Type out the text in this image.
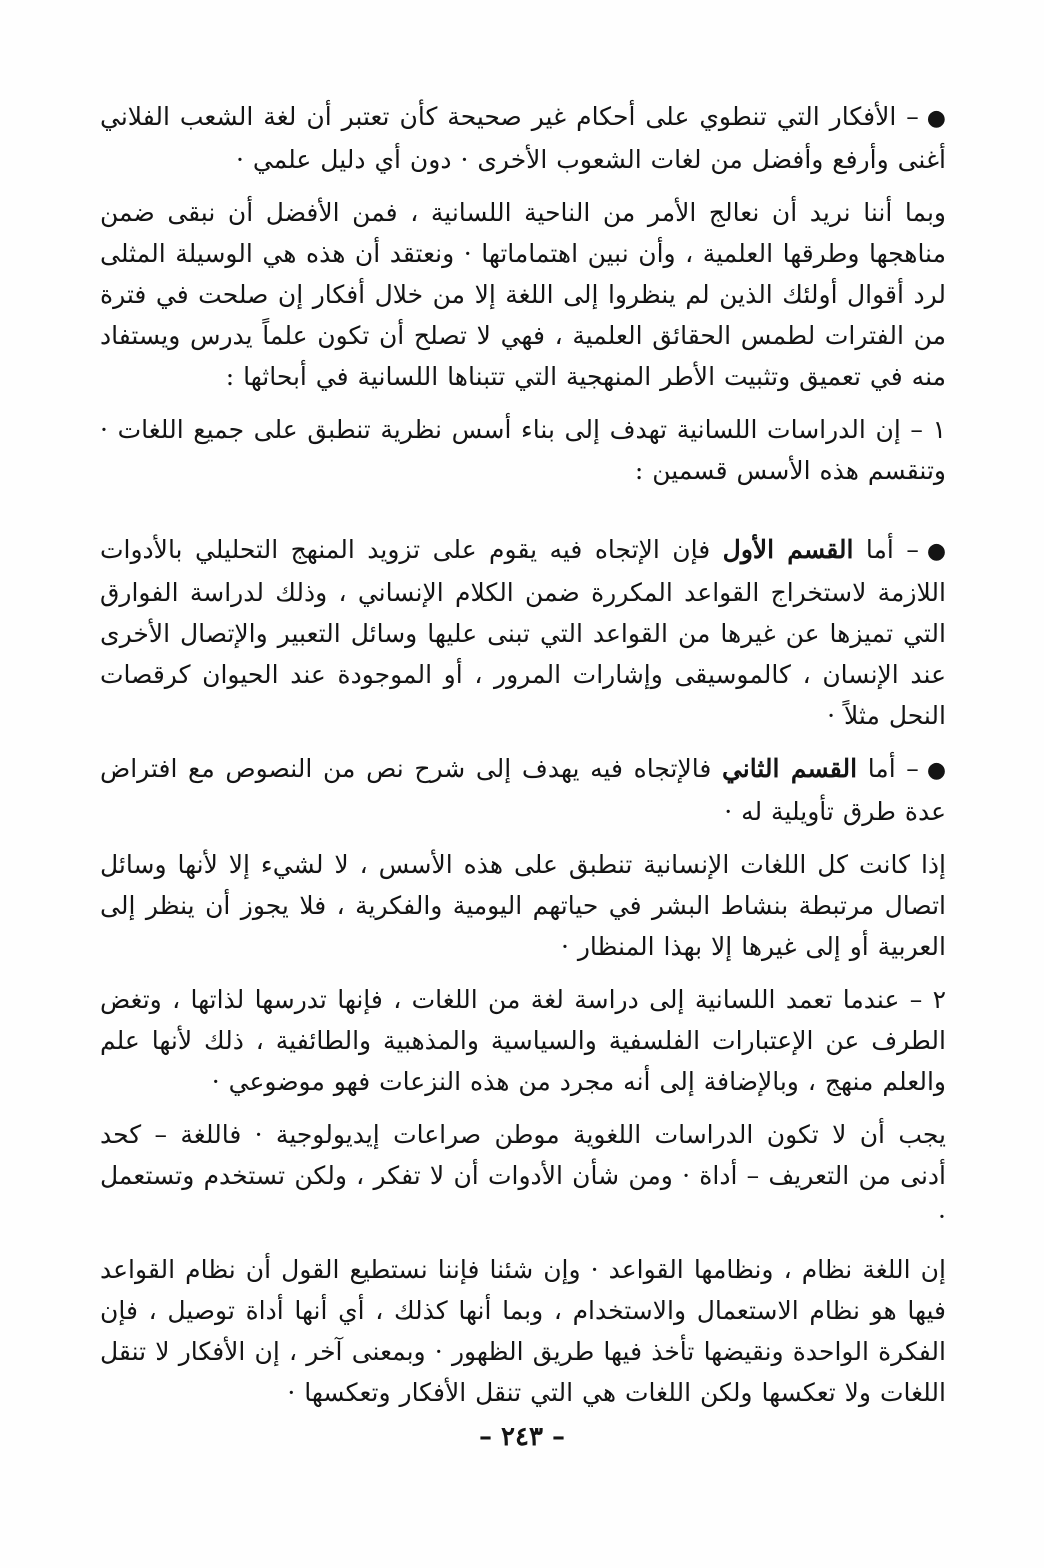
●– الأفكار التي تنطوي على أحكام غير صحيحة كأن تعتبر أن لغة الشعب الفلاني أغنى وأرفع وأفضل من لغات الشعوب الأخرى · دون أي دليل علمي ·

وبما أننا نريد أن نعالج الأمر من الناحية اللسانية ، فمن الأفضل أن نبقى ضمن مناهجها وطرقها العلمية ، وأن نبين اهتماماتها · ونعتقد أن هذه هي الوسيلة المثلى لرد أقوال أولئك الذين لم ينظروا إلى اللغة إلا من خلال أفكار إن صلحت في فترة من الفترات لطمس الحقائق العلمية ، فهي لا تصلح أن تكون علماً يدرس ويستفاد منه في تعميق وتثبيت الأطر المنهجية التي تتبناها اللسانية في أبحاثها :

١ – إن الدراسات اللسانية تهدف إلى بناء أسس نظرية تنطبق على جميع اللغات · وتنقسم هذه الأسس قسمين :

●– أما القسم الأول فإن الإتجاه فيه يقوم على تزويد المنهج التحليلي بالأدوات اللازمة لاستخراج القواعد المكررة ضمن الكلام الإنساني ، وذلك لدراسة الفوارق التي تميزها عن غيرها من القواعد التي تبنى عليها وسائل التعبير والإتصال الأخرى عند الإنسان ، كالموسيقى وإشارات المرور ، أو الموجودة عند الحيوان كرقصات النحل مثلاً ·

●– أما القسم الثاني فالإتجاه فيه يهدف إلى شرح نص من النصوص مع افتراض عدة طرق تأويلية له ·

إذا كانت كل اللغات الإنسانية تنطبق على هذه الأسس ، لا لشيء إلا لأنها وسائل اتصال مرتبطة بنشاط البشر في حياتهم اليومية والفكرية ، فلا يجوز أن ينظر إلى العربية أو إلى غيرها إلا بهذا المنظار ·

٢ – عندما تعمد اللسانية إلى دراسة لغة من اللغات ، فإنها تدرسها لذاتها ، وتغض الطرف عن الإعتبارات الفلسفية والسياسية والمذهبية والطائفية ، ذلك لأنها علم والعلم منهج ، وبالإضافة إلى أنه مجرد من هذه النزعات فهو موضوعي ·

يجب أن لا تكون الدراسات اللغوية موطن صراعات إيديولوجية · فاللغة – كحد أدنى من التعريف – أداة · ومن شأن الأدوات أن لا تفكر ، ولكن تستخدم وتستعمل ·

إن اللغة نظام ، ونظامها القواعد · وإن شئنا فإننا نستطيع القول أن نظام القواعد فيها هو نظام الاستعمال والاستخدام ، وبما أنها كذلك ، أي أنها أداة توصيل ، فإن الفكرة الواحدة ونقيضها تأخذ فيها طريق الظهور · وبمعنى آخر ، إن الأفكار لا تنقل اللغات ولا تعكسها ولكن اللغات هي التي تنقل الأفكار وتعكسها ·

– ٢٤٣ –
